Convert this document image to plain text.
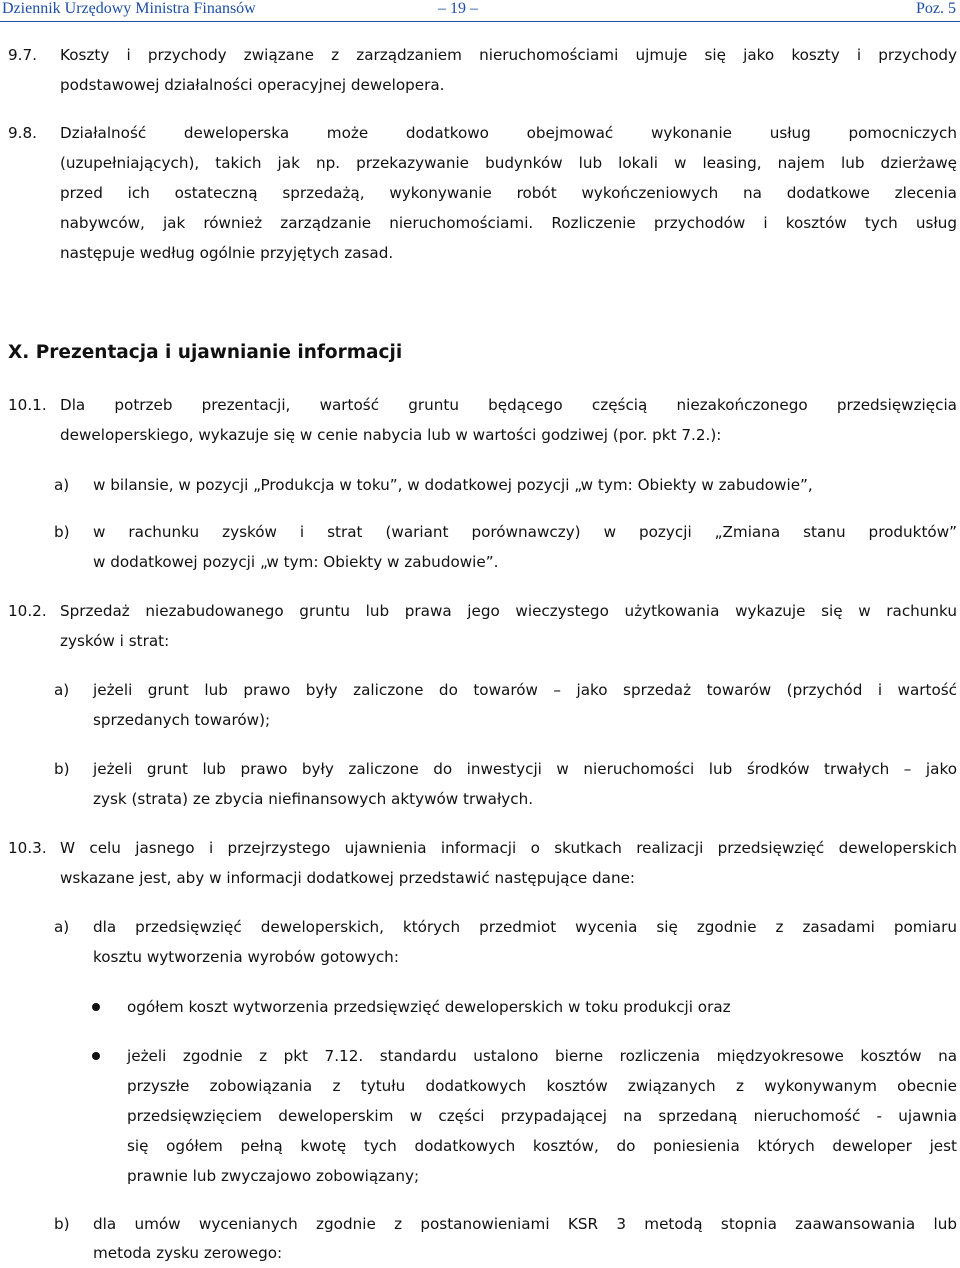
Dziennik Urzędowy Ministra Finansów	– 19 –	Poz. 5
9.7. Koszty i przychody związane z zarządzaniem nieruchomościami ujmuje się jako koszty i przychody
podstawowej działalności operacyjnej dewelopera.
9.8. Działalność deweloperska może dodatkowo obejmować wykonanie usług pomocniczych
(uzupełniających), takich jak np. przekazywanie budynków lub lokali w leasing, najem lub dzierżawę
przed ich ostateczną sprzedażą, wykonywanie robót wykończeniowych na dodatkowe zlecenia
nabywców, jak również zarządzanie nieruchomościami. Rozliczenie przychodów i kosztów tych usług
następuje według ogólnie przyjętych zasad.
X. Prezentacja i ujawnianie informacji
10.1. Dla potrzeb prezentacji, wartość gruntu będącego częścią niezakończonego przedsięwzięcia
deweloperskiego, wykazuje się w cenie nabycia lub w wartości godziwej (por. pkt 7.2.):
a) w bilansie, w pozycji „Produkcja w toku”, w dodatkowej pozycji „w tym: Obiekty w zabudowie”,
b) w rachunku zysków i strat (wariant porównawczy) w pozycji „Zmiana stanu produktów”
w dodatkowej pozycji „w tym: Obiekty w zabudowie”.
10.2. Sprzedaż niezabudowanego gruntu lub prawa jego wieczystego użytkowania wykazuje się w rachunku
zysków i strat:
a) jeżeli grunt lub prawo były zaliczone do towarów – jako sprzedaż towarów (przychód i wartość
sprzedanych towarów);
b) jeżeli grunt lub prawo były zaliczone do inwestycji w nieruchomości lub środków trwałych – jako
zysk (strata) ze zbycia niefinansowych aktywów trwałych.
10.3. W celu jasnego i przejrzystego ujawnienia informacji o skutkach realizacji przedsięwzięć deweloperskich
wskazane jest, aby w informacji dodatkowej przedstawić następujące dane:
a) dla przedsięwzięć deweloperskich, których przedmiot wycenia się zgodnie z zasadami pomiaru
kosztu wytworzenia wyrobów gotowych:
ogółem koszt wytworzenia przedsięwzięć deweloperskich w toku produkcji oraz
jeżeli zgodnie z pkt 7.12. standardu ustalono bierne rozliczenia międzyokresowe kosztów na
przyszłe zobowiązania z tytułu dodatkowych kosztów związanych z wykonywanym obecnie
przedsięwzięciem deweloperskim w części przypadającej na sprzedaną nieruchomość - ujawnia
się ogółem pełną kwotę tych dodatkowych kosztów, do poniesienia których deweloper jest
prawnie lub zwyczajowo zobowiązany;
b) dla umów wycenianych zgodnie z postanowieniami KSR 3 metodą stopnia zaawansowania lub
metoda zysku zerowego:
